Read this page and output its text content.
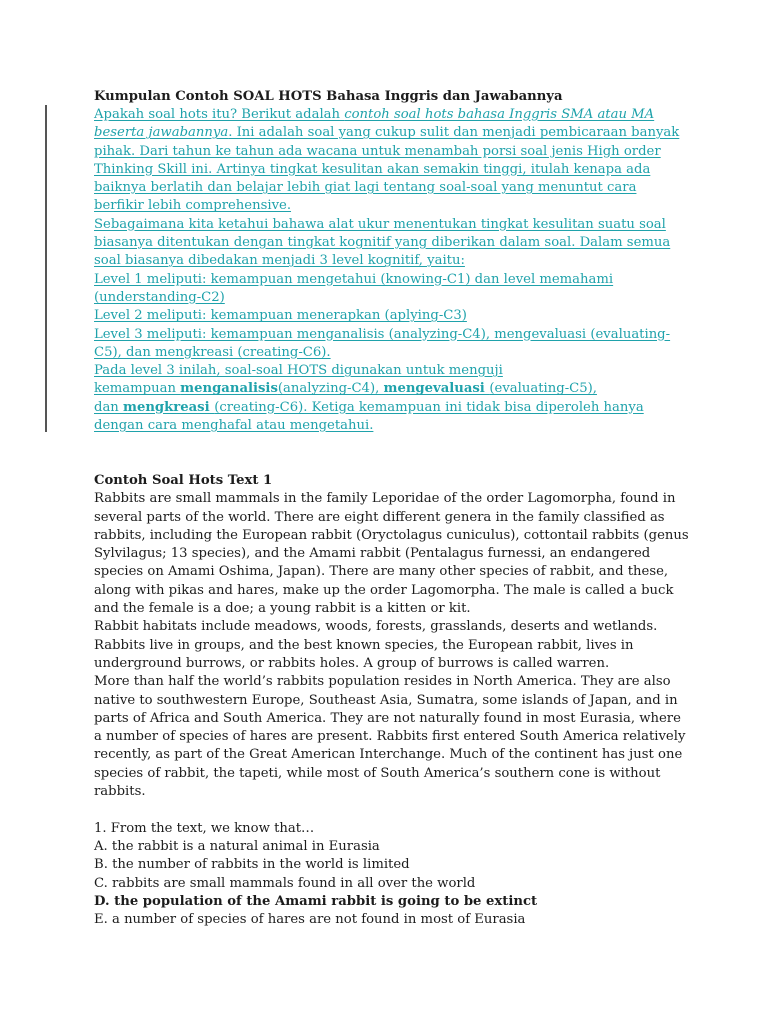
Kumpulan Contoh SOAL HOTS Bahasa Inggris dan Jawabannya
Apakah soal hots itu? Berikut adalah contoh soal hots bahasa Inggris SMA atau MA
beserta jawabannya. Ini adalah soal yang cukup sulit dan menjadi pembicaraan banyak
pihak. Dari tahun ke tahun ada wacana untuk menambah porsi soal jenis High order
Thinking Skill ini. Artinya tingkat kesulitan akan semakin tinggi, itulah kenapa ada
baiknya berlatih dan belajar lebih giat lagi tentang soal-soal yang menuntut cara
berfikir lebih comprehensive.
Sebagaimana kita ketahui bahawa alat ukur menentukan tingkat kesulitan suatu soal
biasanya ditentukan dengan tingkat kognitif yang diberikan dalam soal. Dalam semua
soal biasanya dibedakan menjadi 3 level kognitif, yaitu:
Level 1 meliputi: kemampuan mengetahui (knowing-C1) dan level memahami
(understanding-C2)
Level 2 meliputi: kemampuan menerapkan (aplying-C3)
Level 3 meliputi: kemampuan menganalisis (analyzing-C4), mengevaluasi (evaluating-
C5), dan mengkreasi (creating-C6).
Pada level 3 inilah, soal-soal HOTS digunakan untuk menguji
kemampuan menganalisis(analyzing-C4), mengevaluasi (evaluating-C5),
dan mengkreasi (creating-C6). Ketiga kemampuan ini tidak bisa diperoleh hanya
dengan cara menghafal atau mengetahui.
Contoh Soal Hots Text 1
Rabbits are small mammals in the family Leporidae of the order Lagomorpha, found in
several parts of the world. There are eight different genera in the family classified as
rabbits, including the European rabbit (Oryctolagus cuniculus), cottontail rabbits (genus
Sylvilagus; 13 species), and the Amami rabbit (Pentalagus furnessi, an endangered
species on Amami Oshima, Japan). There are many other species of rabbit, and these,
along with pikas and hares, make up the order Lagomorpha. The male is called a buck
and the female is a doe; a young rabbit is a kitten or kit.
Rabbit habitats include meadows, woods, forests, grasslands, deserts and wetlands.
Rabbits live in groups, and the best known species, the European rabbit, lives in
underground burrows, or rabbits holes. A group of burrows is called warren.
More than half the world’s rabbits population resides in North America. They are also
native to southwestern Europe, Southeast Asia, Sumatra, some islands of Japan, and in
parts of Africa and South America. They are not naturally found in most Eurasia, where
a number of species of hares are present. Rabbits first entered South America relatively
recently, as part of the Great American Interchange. Much of the continent has just one
species of rabbit, the tapeti, while most of South America’s southern cone is without
rabbits.
1. From the text, we know that…
A. the rabbit is a natural animal in Eurasia
B. the number of rabbits in the world is limited
C. rabbits are small mammals found in all over the world
D. the population of the Amami rabbit is going to be extinct
E. a number of species of hares are not found in most of Eurasia
